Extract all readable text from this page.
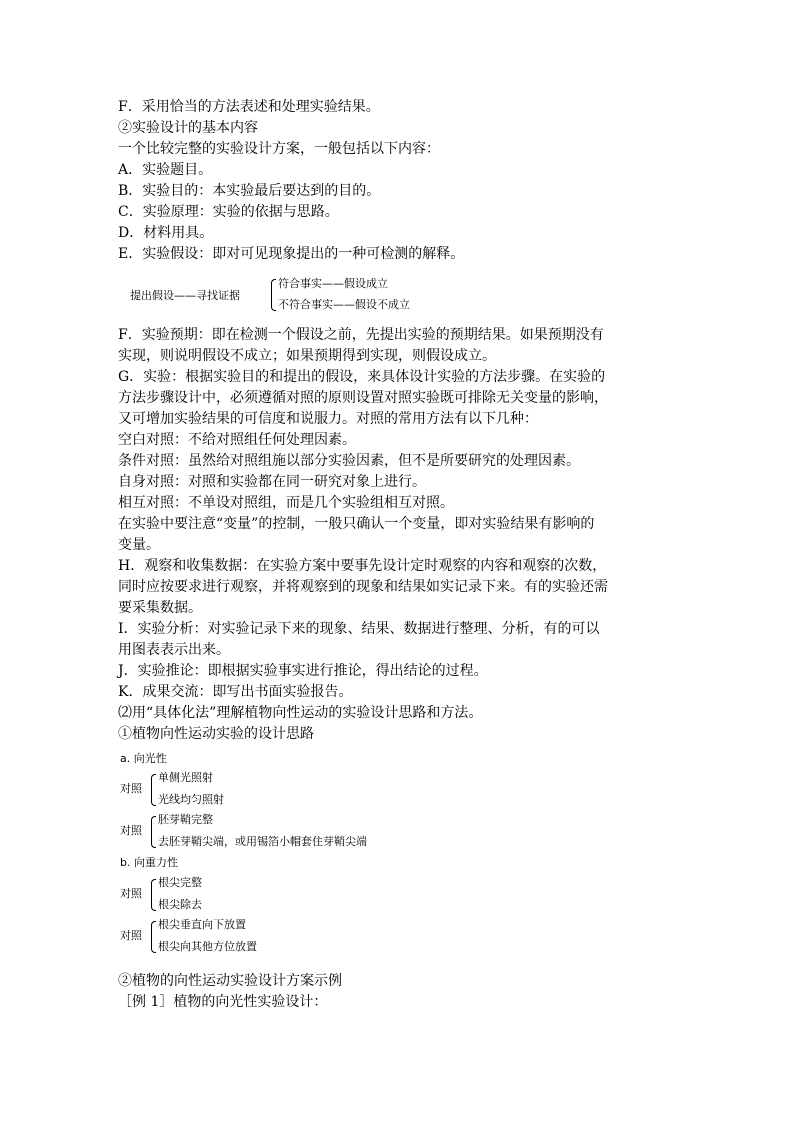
F．采用恰当的方法表述和处理实验结果。
②实验设计的基本内容
一个比较完整的实验设计方案，一般包括以下内容：
A．实验题目。
B．实验目的：本实验最后要达到的目的。
C．实验原理：实验的依据与思路。
D．材料用具。
E．实验假设：即对可见现象提出的一种可检测的解释。
提出假设——寻找证据
符合事实——假设成立
不符合事实——假设不成立
F．实验预期：即在检测一个假设之前，先提出实验的预期结果。如果预期没有
实现，则说明假设不成立；如果预期得到实现，则假设成立。
G．实验：根据实验目的和提出的假设，来具体设计实验的方法步骤。在实验的
方法步骤设计中，必须遵循对照的原则设置对照实验既可排除无关变量的影响，
又可增加实验结果的可信度和说服力。对照的常用方法有以下几种：
空白对照：不给对照组任何处理因素。
条件对照：虽然给对照组施以部分实验因素，但不是所要研究的处理因素。
自身对照：对照和实验都在同一研究对象上进行。
相互对照：不单设对照组，而是几个实验组相互对照。
在实验中要注意“变量”的控制，一般只确认一个变量，即对实验结果有影响的
变量。
H．观察和收集数据：在实验方案中要事先设计定时观察的内容和观察的次数，
同时应按要求进行观察，并将观察到的现象和结果如实记录下来。有的实验还需
要采集数据。
I．实验分析：对实验记录下来的现象、结果、数据进行整理、分析，有的可以
用图表表示出来。
J．实验推论：即根据实验事实进行推论，得出结论的过程。
K．成果交流：即写出书面实验报告。
⑵用“具体化法”理解植物向性运动的实验设计思路和方法。
①植物向性运动实验的设计思路
a. 向光性
对照
单侧光照射
光线均匀照射
对照
胚芽鞘完整
去胚芽鞘尖端，或用锡箔小帽套住芽鞘尖端
b. 向重力性
对照
根尖完整
根尖除去
对照
根尖垂直向下放置
根尖向其他方位放置
②植物的向性运动实验设计方案示例
［例 1］植物的向光性实验设计：
